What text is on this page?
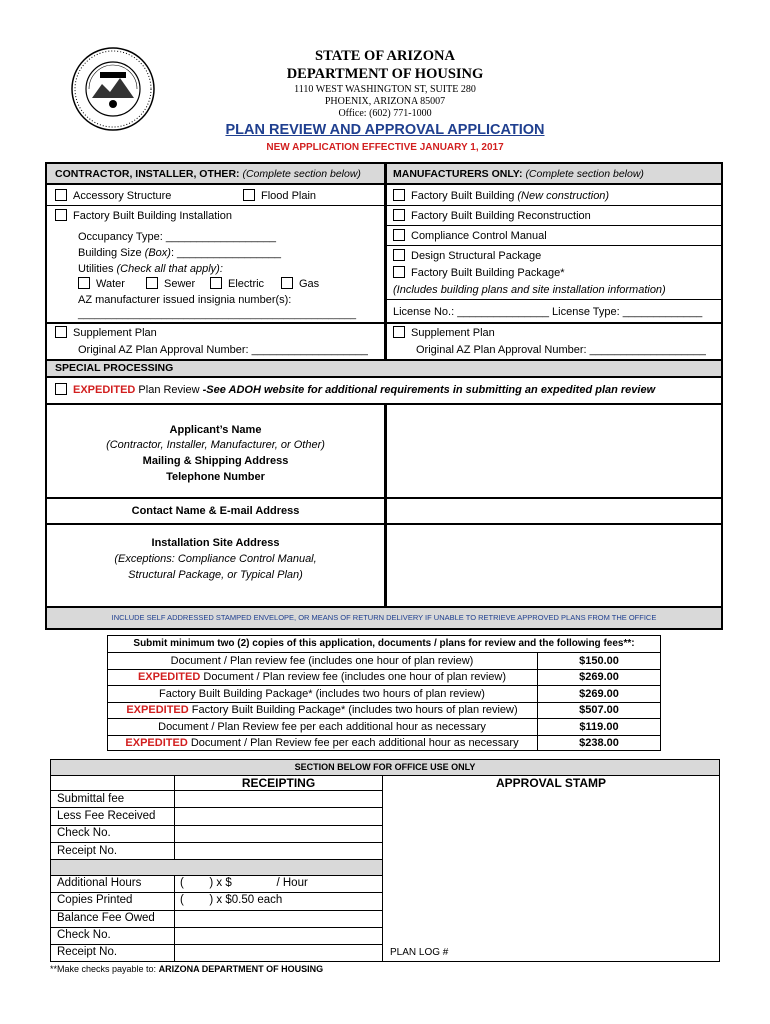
STATE OF ARIZONA
DEPARTMENT OF HOUSING
1110 WEST WASHINGTON ST, SUITE 280
PHOENIX, ARIZONA 85007
Office: (602) 771-1000
PLAN REVIEW AND APPROVAL APPLICATION
NEW APPLICATION EFFECTIVE JANUARY 1, 2017
CONTRACTOR, INSTALLER, OTHER: (Complete section below)	MANUFACTURERS ONLY: (Complete section below)
Accessory Structure	Flood Plain
Factory Built Building Installation
Occupancy Type: __________________
Building Size (Box): _________________
Utilities (Check all that apply):
Water	Sewer	Electric	Gas
AZ manufacturer issued insignia number(s):
__________________________________________________
Supplement Plan
Original AZ Plan Approval Number: ___________________
Factory Built Building (New construction)
Factory Built Building Reconstruction
Compliance Control Manual
Design Structural Package
Factory Built Building Package*
(Includes building plans and site installation information)
License No.: _______________ License Type: _____________
Supplement Plan
Original AZ Plan Approval Number: ___________________
SPECIAL PROCESSING
EXPEDITED Plan Review -See ADOH website for additional requirements in submitting an expedited plan review
Applicant’s Name
(Contractor, Installer, Manufacturer, or Other)
Mailing & Shipping Address
Telephone Number
Contact Name & E-mail Address
Installation Site Address
(Exceptions: Compliance Control Manual,
Structural Package, or Typical Plan)
INCLUDE SELF ADDRESSED STAMPED ENVELOPE, OR MEANS OF RETURN DELIVERY IF UNABLE TO RETRIEVE APPROVED PLANS FROM THE OFFICE
Submit minimum two (2) copies of this application, documents / plans for review and the following fees**:
Document / Plan review fee (includes one hour of plan review)	$150.00
EXPEDITED Document / Plan review fee (includes one hour of plan review)	$269.00
Factory Built Building Package* (includes two hours of plan review)	$269.00
EXPEDITED Factory Built Building Package* (includes two hours of plan review)	$507.00
Document / Plan Review fee per each additional hour as necessary	$119.00
EXPEDITED Document / Plan Review fee per each additional hour as necessary	$238.00
SECTION BELOW FOR OFFICE USE ONLY
RECEIPTING	APPROVAL STAMP
Submittal fee
Less Fee Received
Check No.
Receipt No.
Additional Hours	(        ) x $              / Hour
Copies Printed	(        ) x $0.50 each
Balance Fee Owed
Check No.
Receipt No.	PLAN LOG #
**Make checks payable to: ARIZONA DEPARTMENT OF HOUSING
